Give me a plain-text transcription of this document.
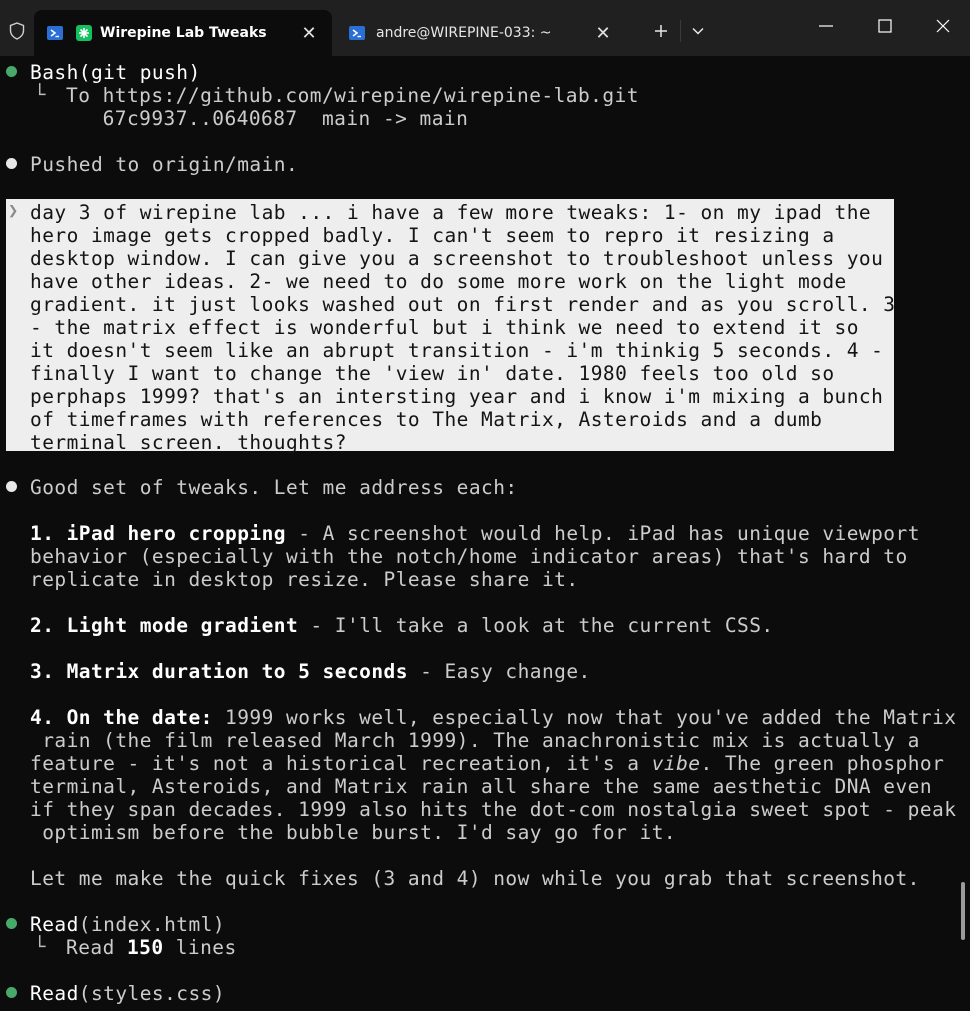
Wirepine Lab Tweaks	✕	andre@WIREPINE-033: ~	✕
Bash(git push)
└ To https://github.com/wirepine/wirepine-lab.git
67c9937..0640687  main -> main
Pushed to origin/main.
❯ day 3 of wirepine lab ... i have a few more tweaks: 1- on my ipad the
hero image gets cropped badly. I can't seem to repro it resizing a
desktop window. I can give you a screenshot to troubleshoot unless you
have other ideas. 2- we need to do some more work on the light mode
gradient. it just looks washed out on first render and as you scroll. 3
- the matrix effect is wonderful but i think we need to extend it so
it doesn't seem like an abrupt transition - i'm thinkig 5 seconds. 4 -
finally I want to change the 'view in' date. 1980 feels too old so
perphaps 1999? that's an intersting year and i know i'm mixing a bunch
of timeframes with references to The Matrix, Asteroids and a dumb
terminal screen. thoughts?
Good set of tweaks. Let me address each:
1. iPad hero cropping - A screenshot would help. iPad has unique viewport
behavior (especially with the notch/home indicator areas) that's hard to
replicate in desktop resize. Please share it.
2. Light mode gradient - I'll take a look at the current CSS.
3. Matrix duration to 5 seconds - Easy change.
4. On the date: 1999 works well, especially now that you've added the Matrix
rain (the film released March 1999). The anachronistic mix is actually a
feature - it's not a historical recreation, it's a vibe. The green phosphor
terminal, Asteroids, and Matrix rain all share the same aesthetic DNA even
if they span decades. 1999 also hits the dot-com nostalgia sweet spot - peak
optimism before the bubble burst. I'd say go for it.
Let me make the quick fixes (3 and 4) now while you grab that screenshot.
Read(index.html)
└ Read 150 lines
Read(styles.css)
